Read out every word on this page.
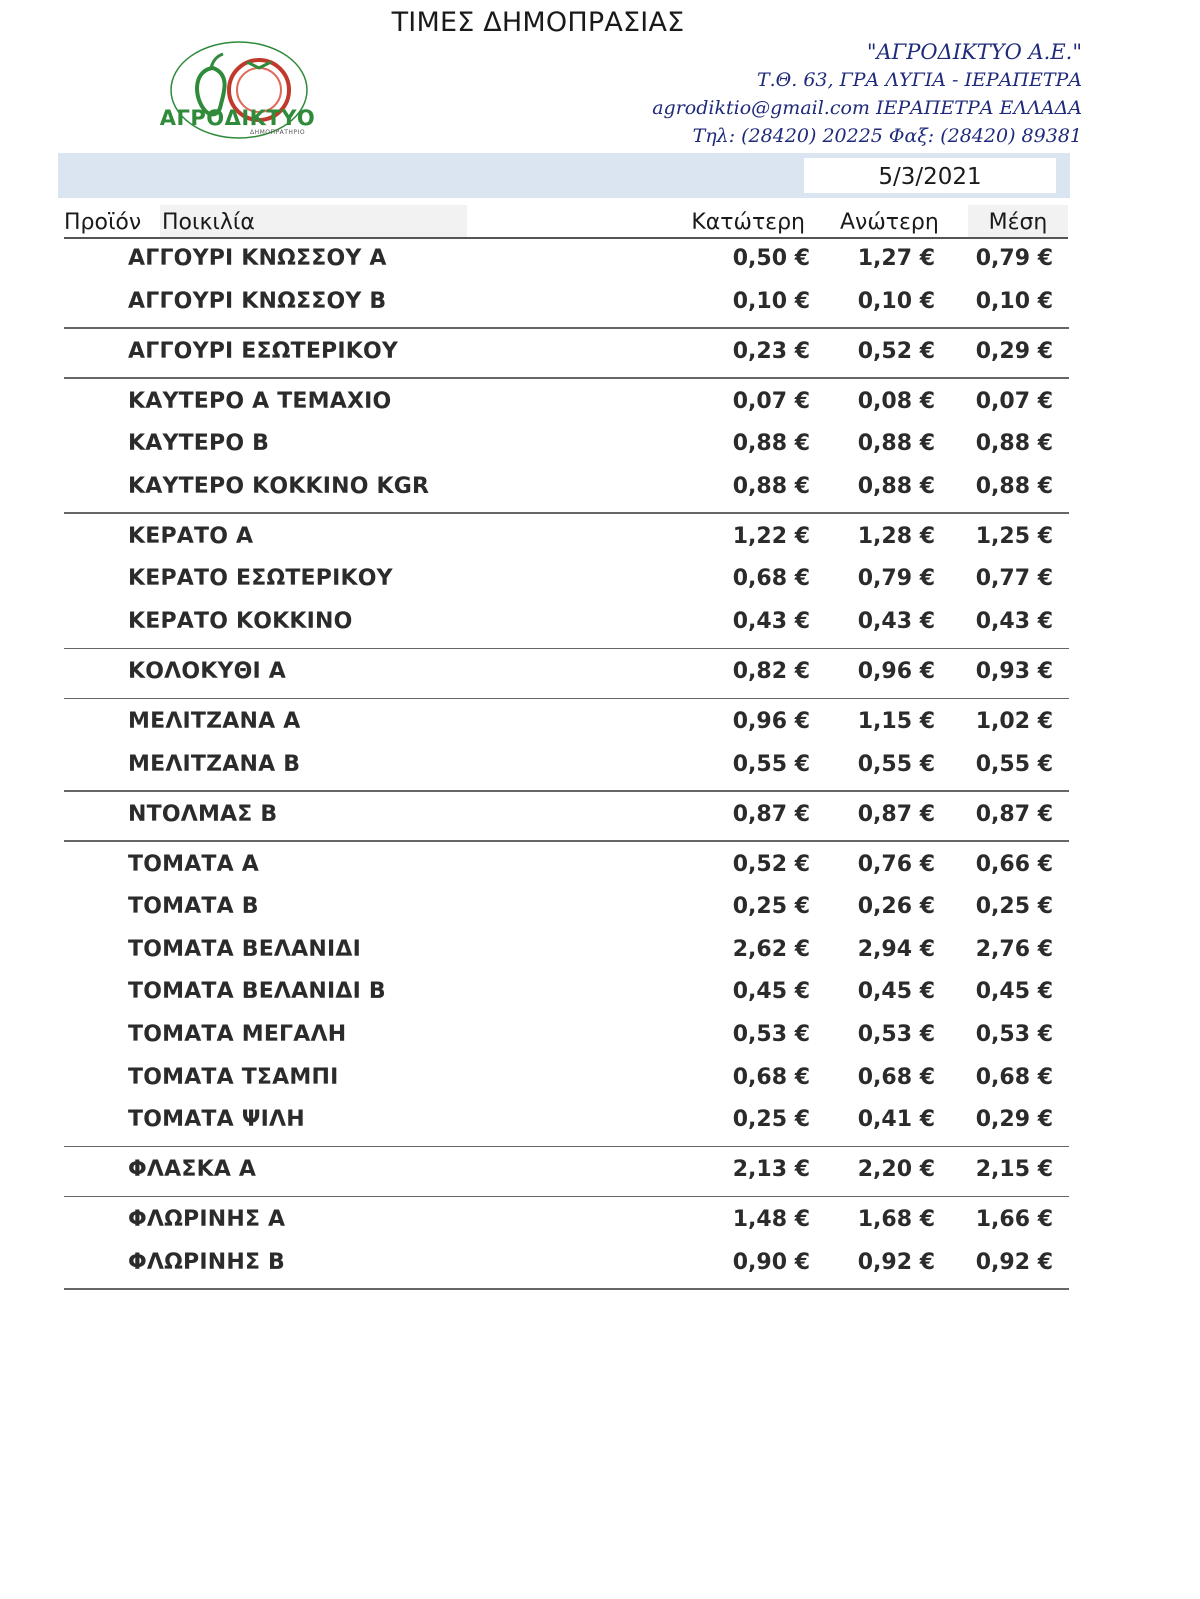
ΑΓΡΟΔΙΚΤΥΟ
ΔΗΜΟΠΡΑΤΗΡΙΟ
"ΑΓΡΟΔΙΚΤΥΟ Α.Ε."
Τ.Θ. 63, ΓΡΑ ΛΥΓΙΑ - ΙΕΡΑΠΕΤΡΑ
agrodiktio@gmail.com ΙΕΡΑΠΕΤΡΑ ΕΛΛΑΔΑ
Τηλ: (28420) 20225 Φαξ: (28420) 89381
ΤΙΜΕΣ ΔΗΜΟΠΡΑΣΙΑΣ
5/3/2021
Προϊόν Ποικιλία	Κατώτερη Ανώτερη	Μέση
ΑΓΓΟΥΡΙ ΚΝΩΣΣΟΥ Α	0,50 €	1,27 €	0,79 €
ΑΓΓΟΥΡΙ ΚΝΩΣΣΟΥ Β	0,10 €	0,10 €	0,10 €
ΑΓΓΟΥΡΙ ΕΣΩΤΕΡΙΚΟΥ	0,23 €	0,52 €	0,29 €
ΚΑΥΤΕΡΟ Α ΤΕΜΑΧΙΟ	0,07 €	0,08 €	0,07 €
ΚΑΥΤΕΡΟ Β	0,88 €	0,88 €	0,88 €
ΚΑΥΤΕΡΟ ΚΟΚΚΙΝΟ KGR	0,88 €	0,88 €	0,88 €
ΚΕΡΑΤΟ Α	1,22 €	1,28 €	1,25 €
ΚΕΡΑΤΟ ΕΣΩΤΕΡΙΚΟΥ	0,68 €	0,79 €	0,77 €
ΚΕΡΑΤΟ ΚΟΚΚΙΝΟ	0,43 €	0,43 €	0,43 €
ΚΟΛΟΚΥΘΙ Α	0,82 €	0,96 €	0,93 €
ΜΕΛΙΤΖΑΝΑ Α	0,96 €	1,15 €	1,02 €
ΜΕΛΙΤΖΑΝΑ Β	0,55 €	0,55 €	0,55 €
ΝΤΟΛΜΑΣ Β	0,87 €	0,87 €	0,87 €
ΤΟΜΑΤΑ Α	0,52 €	0,76 €	0,66 €
ΤΟΜΑΤΑ Β	0,25 €	0,26 €	0,25 €
ΤΟΜΑΤΑ ΒΕΛΑΝΙΔΙ	2,62 €	2,94 €	2,76 €
ΤΟΜΑΤΑ ΒΕΛΑΝΙΔΙ Β	0,45 €	0,45 €	0,45 €
ΤΟΜΑΤΑ ΜΕΓΑΛΗ	0,53 €	0,53 €	0,53 €
ΤΟΜΑΤΑ ΤΣΑΜΠΙ	0,68 €	0,68 €	0,68 €
ΤΟΜΑΤΑ ΨΙΛΗ	0,25 €	0,41 €	0,29 €
ΦΛΑΣΚΑ Α	2,13 €	2,20 €	2,15 €
ΦΛΩΡΙΝΗΣ Α	1,48 €	1,68 €	1,66 €
ΦΛΩΡΙΝΗΣ Β	0,90 €	0,92 €	0,92 €
